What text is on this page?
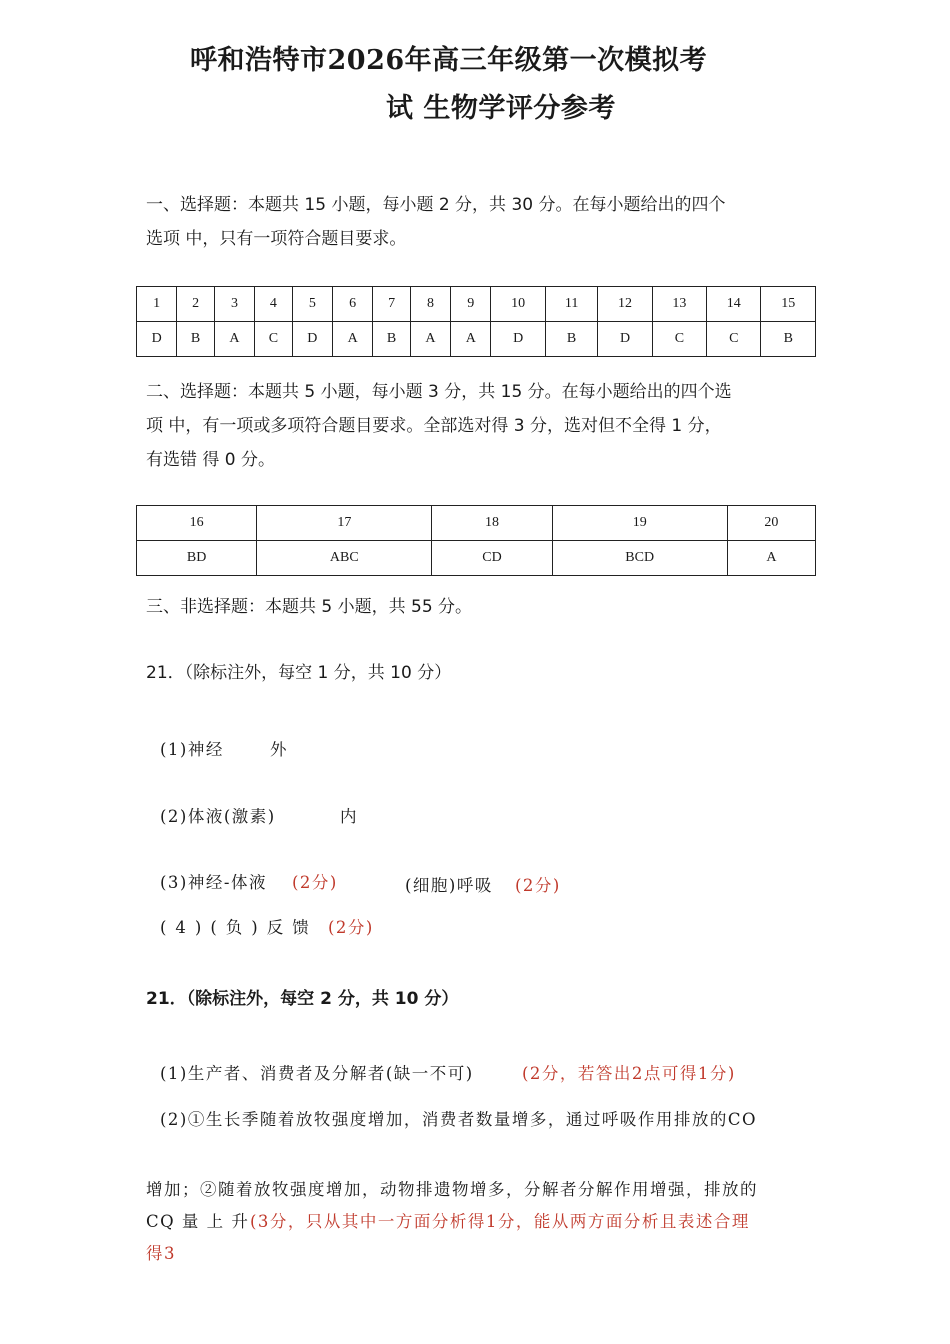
呼和浩特市2026年高三年级第一次模拟考
试 生物学评分参考
一、选择题：本题共 15 小题，每小题 2 分，共 30 分。在每小题给出的四个
选项 中，只有一项符合题目要求。
1	2	3	4	5	6	7	8	9	10	11	12	13	14	15
D	B	A	C	D	A	B	A	A	D	B	D	C	C	B
二、选择题：本题共 5 小题，每小题 3 分，共 15 分。在每小题给出的四个选
项 中，有一项或多项符合题目要求。全部选对得 3 分，选对但不全得 1 分，
有选错 得 0 分。
16	17	18	19	20
BD	ABC	CD	BCD	A
三、非选择题：本题共 5 小题，共 55 分。
21．（除标注外，每空 1 分，共 10 分）
(1)神经	外
(2)体液(激素)	内
(3)神经-体液 (2分)	(细胞)呼吸 (2分)
(4)(负)反馈 (2分)
21．（除标注外，每空 2 分，共 10 分）
(1)生产者、消费者及分解者(缺一不可)	(2分，若答出2点可得1分)
(2)①生长季随着放牧强度增加，消费者数量增多，通过呼吸作用排放的CO
增加；②随着放牧强度增加，动物排遗物增多，分解者分解作用增强，排放的
CQ 量 上 升 (3分，只从其中一方面分析得1分，能从两方面分析且表述合理
得3
